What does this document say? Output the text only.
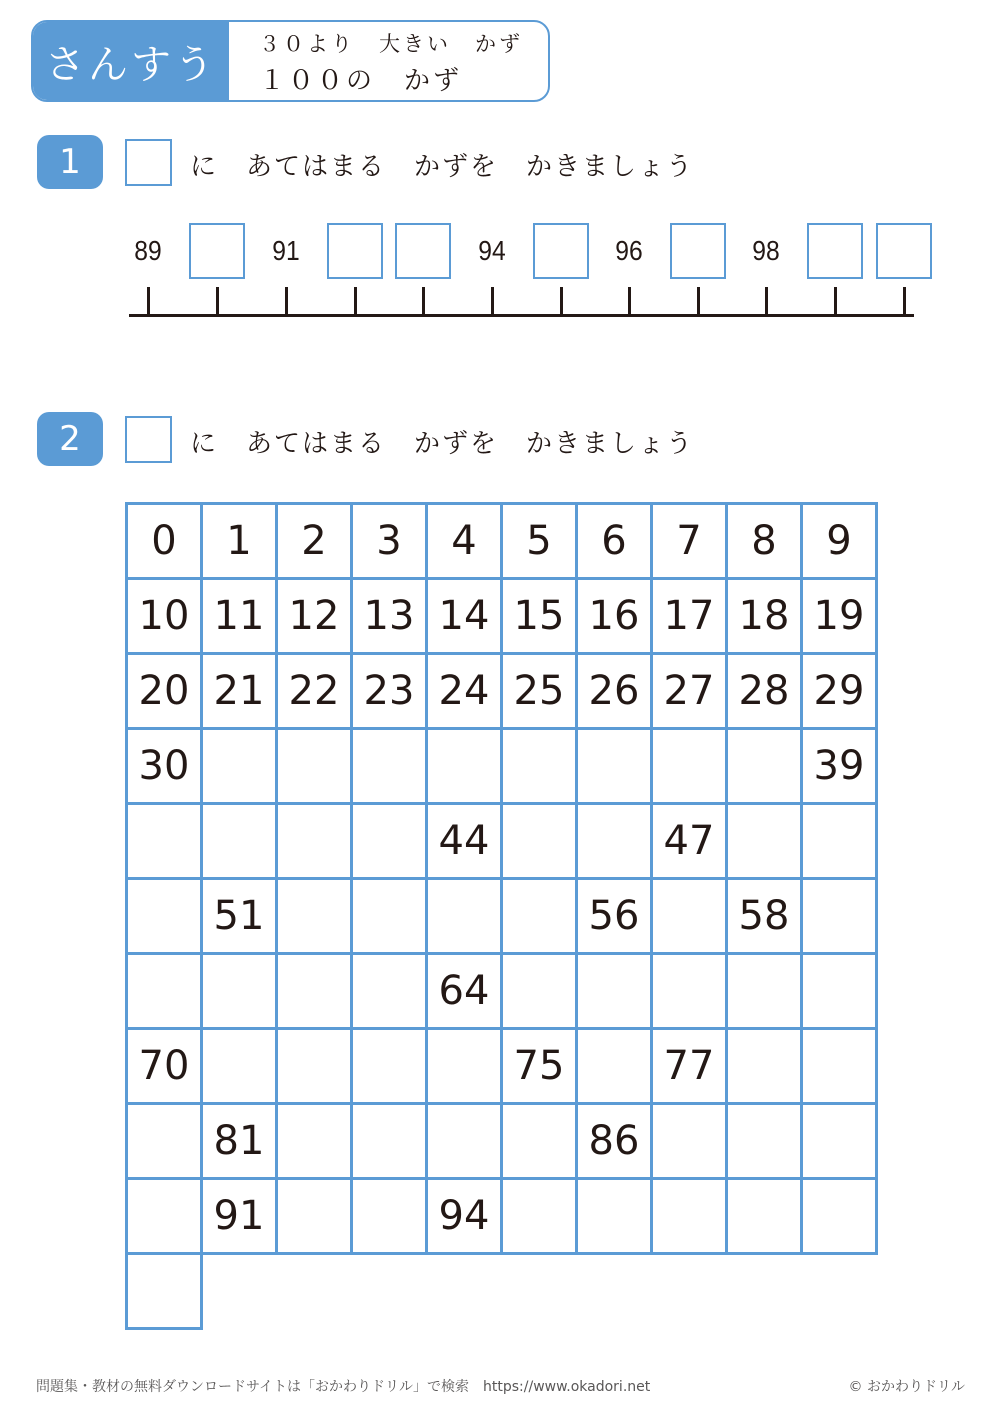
さんすう	３０より　大きい　かず
１００の　かず
1	に　あてはまる　かずを　かきましょう
89	91	94	96	98
2	に　あてはまる　かずを　かきましょう
0	1	2	3	4	5	6	7	8	9
10	11	12	13	14	15	16	17	18	19
20	21	22	23	24	25	26	27	28	29
30									39
				44			47		
	51					56		58	
				64					
70					75		77		
	81					86			
	91			94					

問題集・教材の無料ダウンロードサイトは「おかわりドリル」で検索　https://www.okadori.net	© おかわりドリル
